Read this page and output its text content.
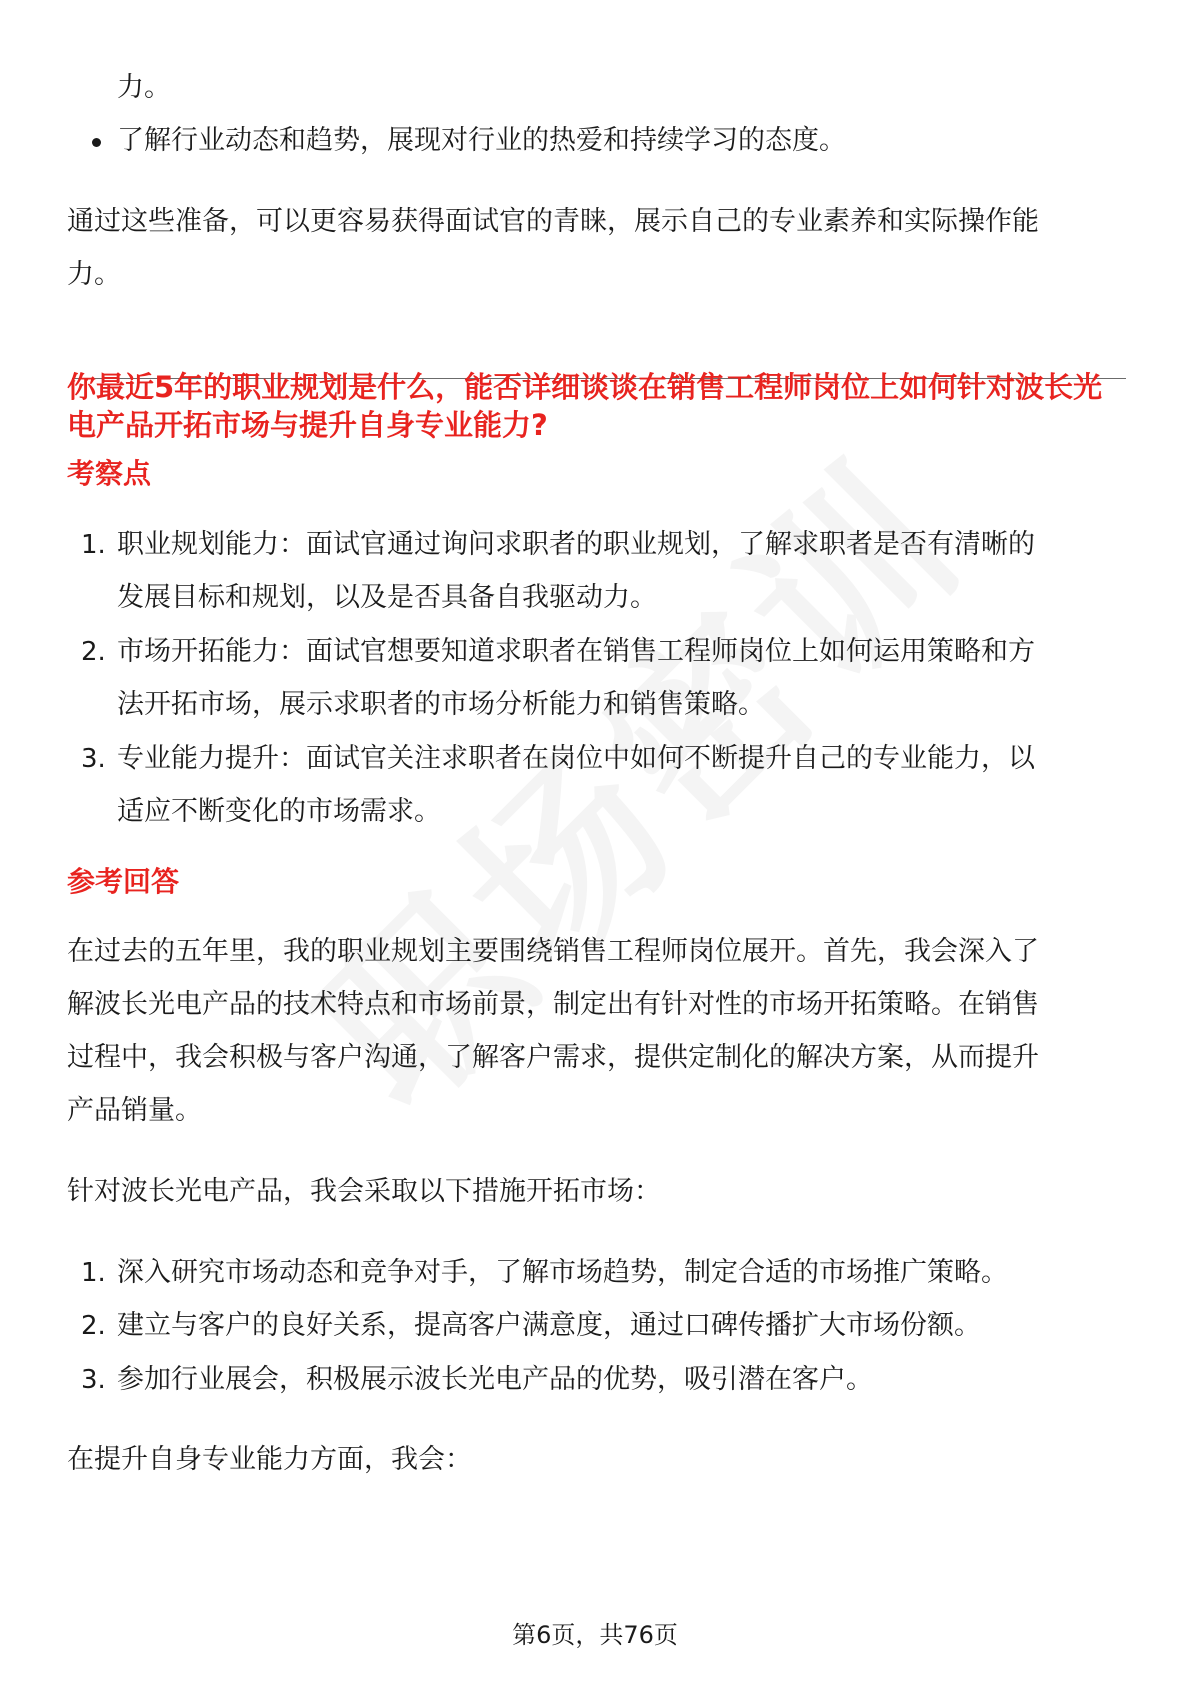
力。
了解行业动态和趋势，展现对行业的热爱和持续学习的态度。
通过这些准备，可以更容易获得面试官的青睐，展示自己的专业素养和实际操作能
力。
你最近5年的职业规划是什么，能否详细谈谈在销售工程师岗位上如何针对波长光
电产品开拓市场与提升自身专业能力?
考察点
1. 职业规划能力：面试官通过询问求职者的职业规划，了解求职者是否有清晰的
发展目标和规划，以及是否具备自我驱动力。
2. 市场开拓能力：面试官想要知道求职者在销售工程师岗位上如何运用策略和方
法开拓市场，展示求职者的市场分析能力和销售策略。
3. 专业能力提升：面试官关注求职者在岗位中如何不断提升自己的专业能力，以
适应不断变化的市场需求。
参考回答
在过去的五年里，我的职业规划主要围绕销售工程师岗位展开。首先，我会深入了
解波长光电产品的技术特点和市场前景，制定出有针对性的市场开拓策略。在销售
过程中，我会积极与客户沟通，了解客户需求，提供定制化的解决方案，从而提升
产品销量。
针对波长光电产品，我会采取以下措施开拓市场：
1. 深入研究市场动态和竞争对手，了解市场趋势，制定合适的市场推广策略。
2. 建立与客户的良好关系，提高客户满意度，通过口碑传播扩大市场份额。
3. 参加行业展会，积极展示波长光电产品的优势，吸引潜在客户。
在提升自身专业能力方面，我会：
第6页，共76页
